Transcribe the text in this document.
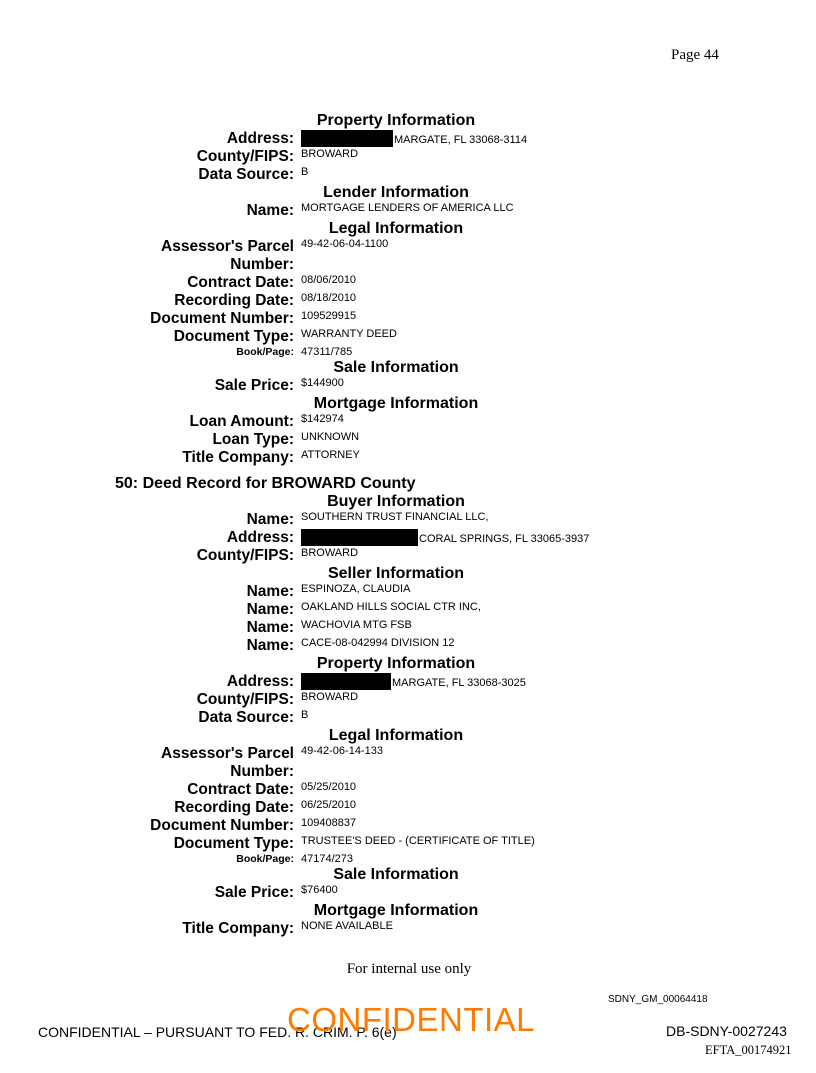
Page 44
Property Information
Address:	MARGATE, FL 33068-3114
County/FIPS: BROWARD
Data Source: B
Lender Information
Name: MORTGAGE LENDERS OF AMERICA LLC
Legal Information
Assessor's Parcel
Number:
49-42-06-04-1100
Contract Date: 08/06/2010
Recording Date: 08/18/2010
Document Number: 109529915
Document Type: WARRANTY DEED
Book/Page: 47311/785
Sale Information
Sale Price: $144900
Mortgage Information
Loan Amount: $142974
Loan Type: UNKNOWN
Title Company: ATTORNEY
50: Deed Record for BROWARD County
Buyer Information
Name: SOUTHERN TRUST FINANCIAL LLC,
Address:	CORAL SPRINGS, FL 33065-3937
County/FIPS: BROWARD
Seller Information
Name: ESPINOZA, CLAUDIA
Name: OAKLAND HILLS SOCIAL CTR INC,
Name: WACHOVIA MTG FSB
Name: CACE-08-042994 DIVISION 12
Property Information
Address:	MARGATE, FL 33068-3025
County/FIPS: BROWARD
Data Source: B
Legal Information
Assessor's Parcel
Number:
49-42-06-14-133
Contract Date: 05/25/2010
Recording Date: 06/25/2010
Document Number: 109408837
Document Type: TRUSTEE'S DEED - (CERTIFICATE OF TITLE)
Book/Page: 47174/273
Sale Information
Sale Price: $76400
Mortgage Information
Title Company: NONE AVAILABLE
For internal use only
SDNY_GM_00064418
CONFIDENTIAL – PURSUANT TO FED. R. CRIM. P. 6(e)
CONFIDENTIAL	DB-SDNY-0027243
EFTA_00174921
